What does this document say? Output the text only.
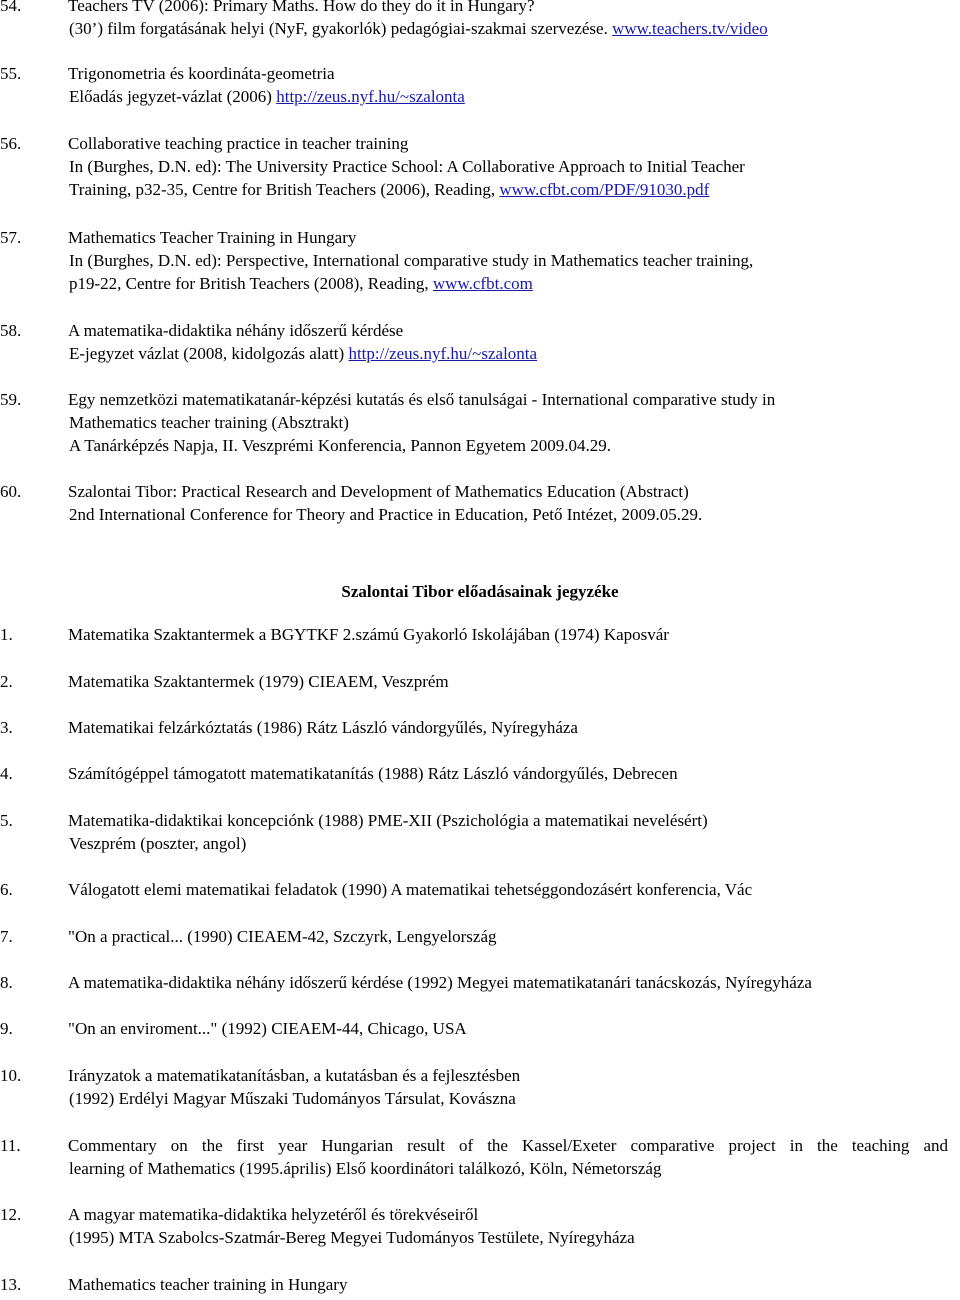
54.	Teachers TV (2006): Primary Maths. How do they do it in Hungary?
(30’) film forgatásának helyi (NyF, gyakorlók) pedagógiai-szakmai szervezése. www.teachers.tv/video
55.	Trigonometria és koordináta-geometria
Előadás jegyzet-vázlat (2006) http://zeus.nyf.hu/~szalonta
56.	Collaborative teaching practice in teacher training
In (Burghes, D.N. ed): The University Practice School: A Collaborative Approach to Initial Teacher
Training, p32-35, Centre for British Teachers (2006), Reading, www.cfbt.com/PDF/91030.pdf
57.	Mathematics Teacher Training in Hungary
In (Burghes, D.N. ed): Perspective, International comparative study in Mathematics teacher training,
p19-22, Centre for British Teachers (2008), Reading, www.cfbt.com
58.	A matematika-didaktika néhány időszerű kérdése
E-jegyzet vázlat (2008, kidolgozás alatt) http://zeus.nyf.hu/~szalonta
59.	Egy nemzetközi matematikatanár-képzési kutatás és első tanulságai - International comparative study in
Mathematics teacher training (Absztrakt)
A Tanárképzés Napja, II. Veszprémi Konferencia, Pannon Egyetem 2009.04.29.
60.	Szalontai Tibor: Practical Research and Development of Mathematics Education (Abstract)
2nd International Conference for Theory and Practice in Education, Pető Intézet, 2009.05.29.
Szalontai Tibor előadásainak jegyzéke
1.	Matematika Szaktantermek a BGYTKF 2.számú Gyakorló Iskolájában (1974) Kaposvár
2.	Matematika Szaktantermek (1979) CIEAEM, Veszprém
3.	Matematikai felzárkóztatás (1986) Rátz László vándorgyűlés, Nyíregyháza
4.	Számítógéppel támogatott matematikatanítás (1988) Rátz László vándorgyűlés, Debrecen
5.	Matematika-didaktikai koncepciónk (1988) PME-XII (Pszichológia a matematikai nevelésért)
Veszprém (poszter, angol)
6.	Válogatott elemi matematikai feladatok (1990) A matematikai tehetséggondozásért konferencia, Vác
7.	"On a practical... (1990) CIEAEM-42, Szczyrk, Lengyelország
8.	A matematika-didaktika néhány időszerű kérdése (1992) Megyei matematikatanári tanácskozás, Nyíregyháza
9.	"On an enviroment..." (1992) CIEAEM-44, Chicago, USA
10.	Irányzatok a matematikatanításban, a kutatásban és a fejlesztésben
(1992) Erdélyi Magyar Műszaki Tudományos Társulat, Kovászna
11.	Commentary on the first year Hungarian result of the Kassel/Exeter comparative project in the teaching and
learning of Mathematics (1995.április) Első koordinátori találkozó, Köln, Németország
12.	A magyar matematika-didaktika helyzetéről és törekvéseiről
(1995) MTA Szabolcs-Szatmár-Bereg Megyei Tudományos Testülete, Nyíregyháza
13.	Mathematics teacher training in Hungary
